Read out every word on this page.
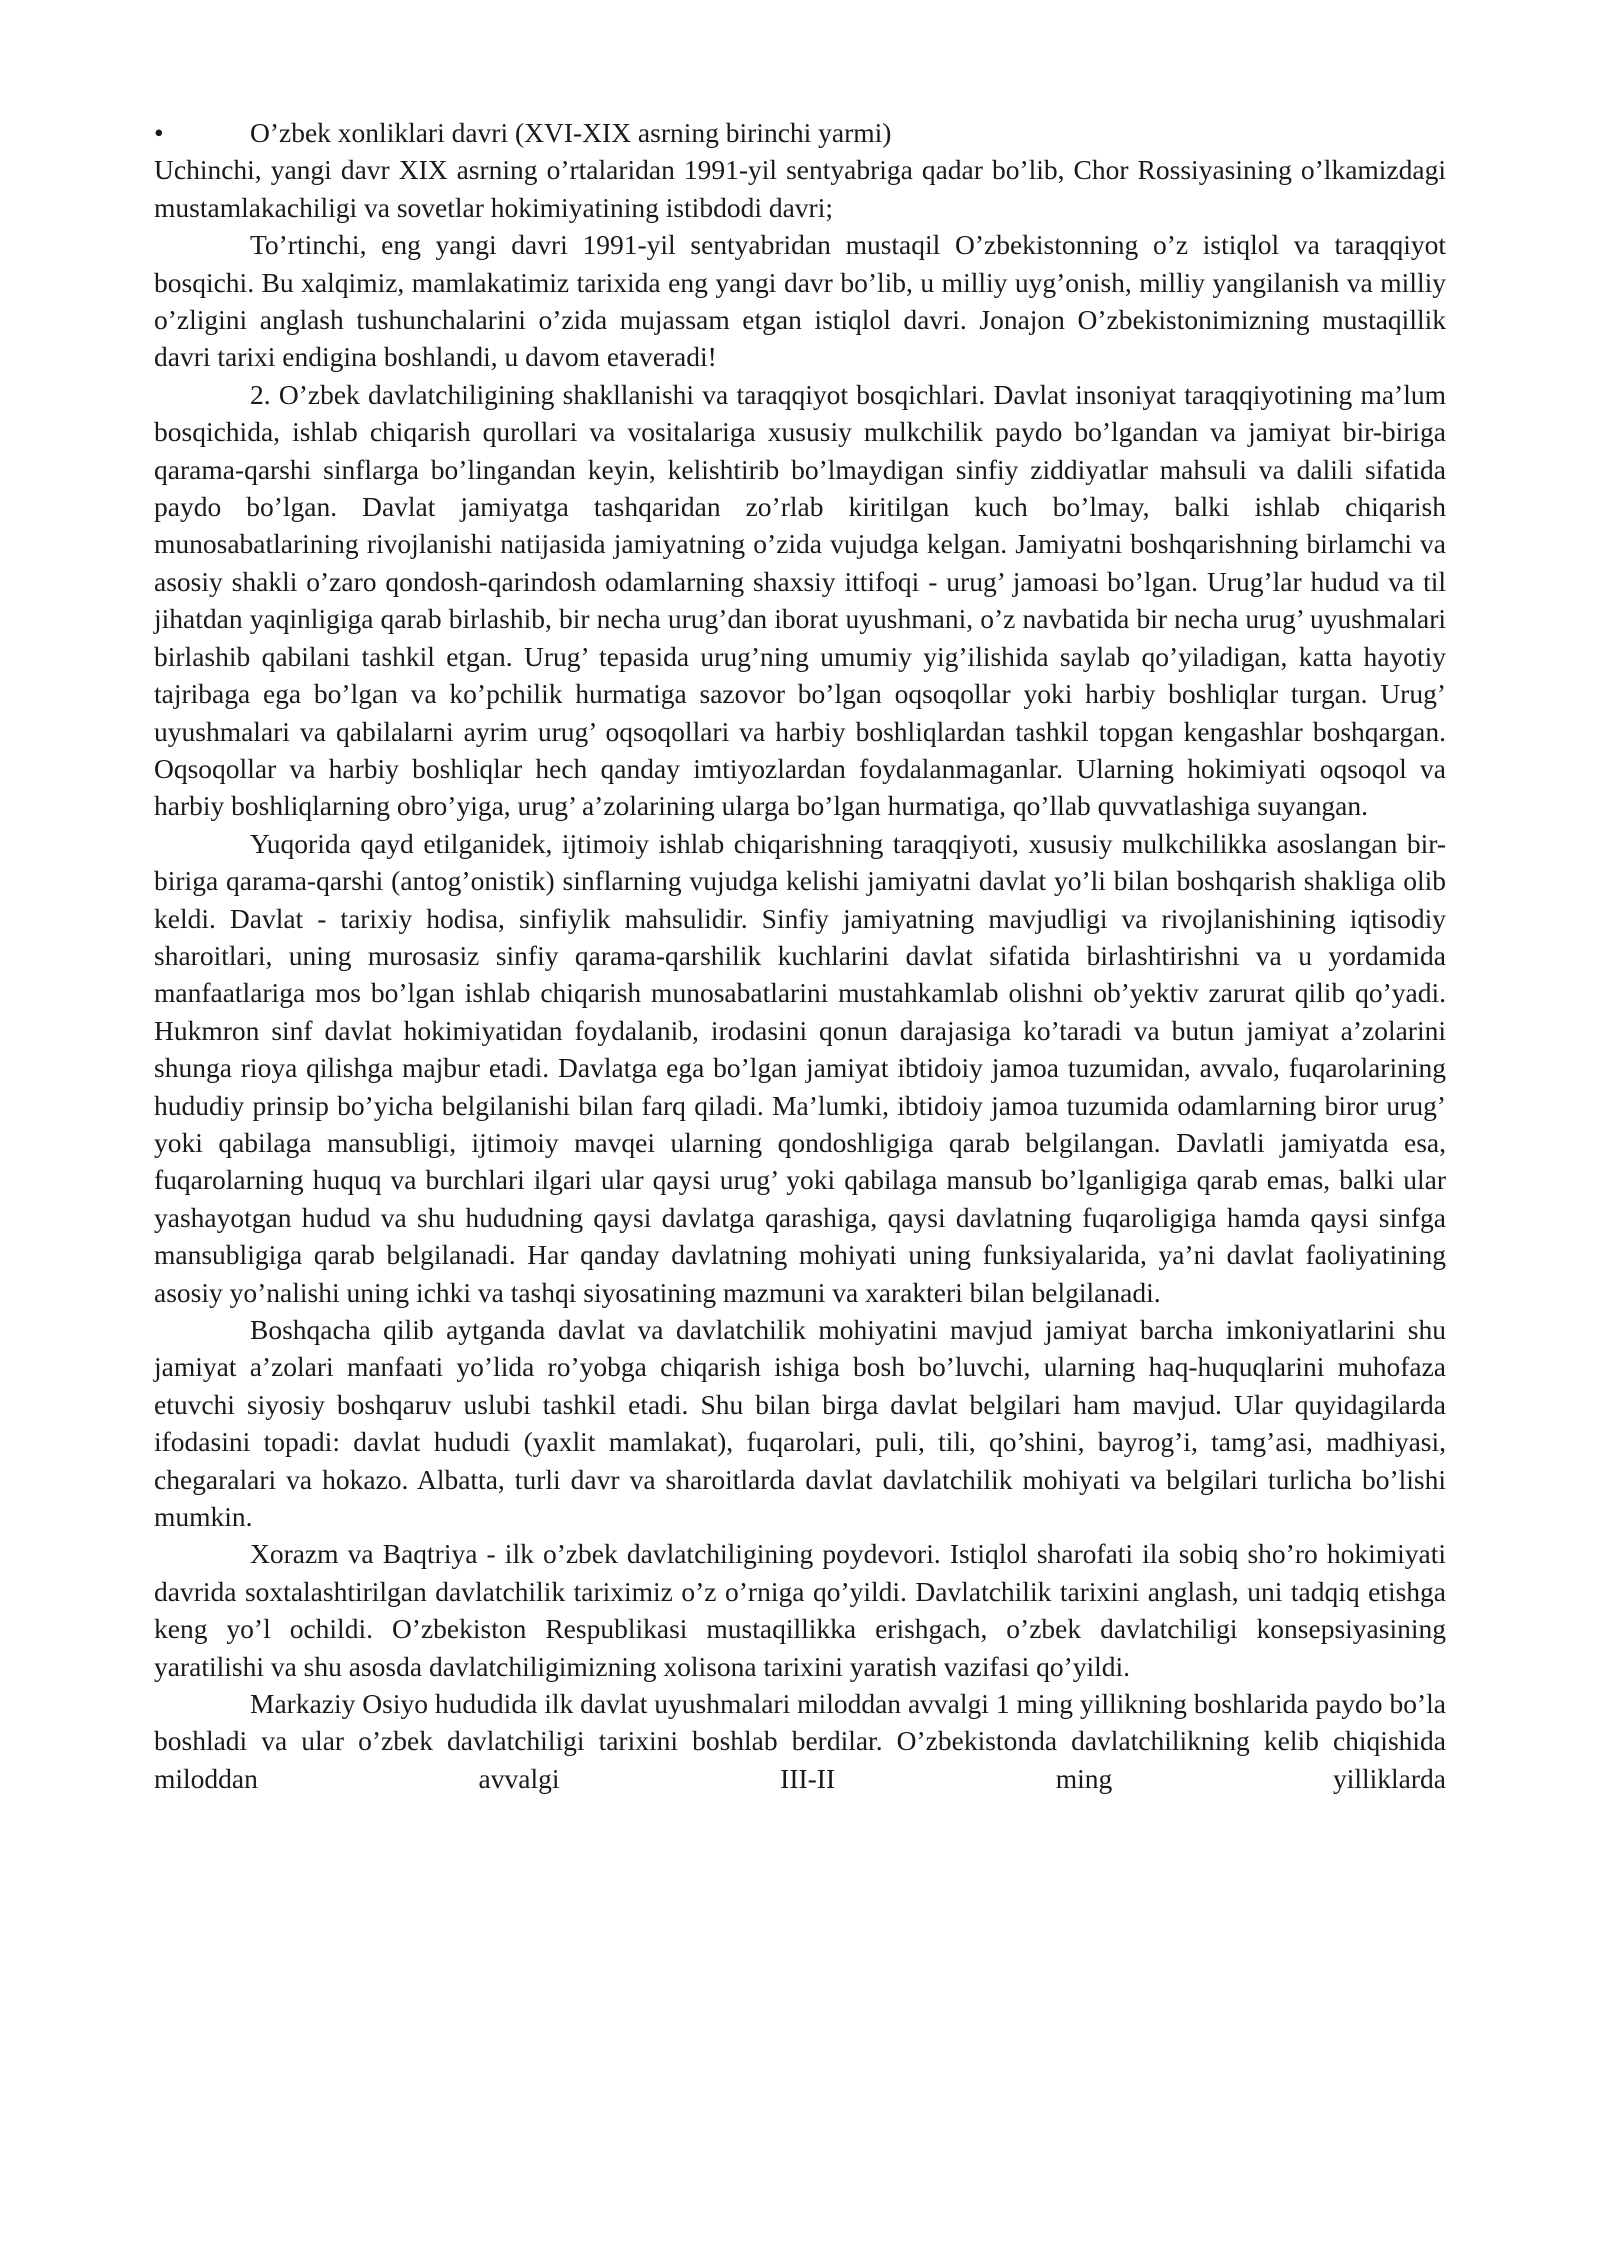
•	O’zbek xonliklari davri (XVI-XIX asrning birinchi yarmi)

Uchinchi, yangi davr XIX asrning o’rtalaridan 1991-yil sentyabriga qadar bo’lib, Chor Rossiyasining o’lkamizdagi mustamlakachiligi va sovetlar hokimiyatining istibdodi davri;

To’rtinchi, eng yangi davri 1991-yil sentyabridan mustaqil O’zbekistonning o’z istiqlol va taraqqiyot bosqichi. Bu xalqimiz, mamlakatimiz tarixida eng yangi davr bo’lib, u milliy uyg’onish, milliy yangilanish va milliy o’zligini anglash tushunchalarini o’zida mujassam etgan istiqlol davri. Jonajon O’zbekistonimizning mustaqillik davri tarixi endigina boshlandi, u davom etaveradi!

2. O’zbek davlatchiligining shakllanishi va taraqqiyot bosqichlari. Davlat insoniyat taraqqiyotining ma’lum bosqichida, ishlab chiqarish qurollari va vositalariga xususiy mulkchilik paydo bo’lgandan va jamiyat bir-biriga qarama-qarshi sinflarga bo’lingandan keyin, kelishtirib bo’lmaydigan sinfiy ziddiyatlar mahsuli va dalili sifatida paydo bo’lgan. Davlat jamiyatga tashqaridan zo’rlab kiritilgan kuch bo’lmay, balki ishlab chiqarish munosabatlarining rivojlanishi natijasida jamiyatning o’zida vujudga kelgan. Jamiyatni boshqarishning birlamchi va asosiy shakli o’zaro qondosh-qarindosh odamlarning shaxsiy ittifoqi - urug’ jamoasi bo’lgan. Urug’lar hudud va til jihatdan yaqinligiga qarab birlashib, bir necha urug’dan iborat uyushmani, o’z navbatida bir necha urug’ uyushmalari birlashib qabilani tashkil etgan. Urug’ tepasida urug’ning umumiy yig’ilishida saylab qo’yiladigan, katta hayotiy tajribaga ega bo’lgan va ko’pchilik hurmatiga sazovor bo’lgan oqsoqollar yoki harbiy boshliqlar turgan. Urug’ uyushmalari va qabilalarni ayrim urug’ oqsoqollari va harbiy boshliqlardan tashkil topgan kengashlar boshqargan. Oqsoqollar va harbiy boshliqlar hech qanday imtiyozlardan foydalanmaganlar. Ularning hokimiyati oqsoqol va harbiy boshliqlarning obro’yiga, urug’ a’zolarining ularga bo’lgan hurmatiga, qo’llab quvvatlashiga suyangan.

Yuqorida qayd etilganidek, ijtimoiy ishlab chiqarishning taraqqiyoti, xususiy mulkchilikka asoslangan bir-biriga qarama-qarshi (antog’onistik) sinflarning vujudga kelishi jamiyatni davlat yo’li bilan boshqarish shakliga olib keldi. Davlat - tarixiy hodisa, sinfiylik mahsulidir. Sinfiy jamiyatning mavjudligi va rivojlanishining iqtisodiy sharoitlari, uning murosasiz sinfiy qarama-qarshilik kuchlarini davlat sifatida birlashtirishni va u yordamida manfaatlariga mos bo’lgan ishlab chiqarish munosabatlarini mustahkamlab olishni ob’yektiv zarurat qilib qo’yadi. Hukmron sinf davlat hokimiyatidan foydalanib, irodasini qonun darajasiga ko’taradi va butun jamiyat a’zolarini shunga rioya qilishga majbur etadi. Davlatga ega bo’lgan jamiyat ibtidoiy jamoa tuzumidan, avvalo, fuqarolarining hududiy prinsip bo’yicha belgilanishi bilan farq qiladi. Ma’lumki, ibtidoiy jamoa tuzumida odamlarning biror urug’ yoki qabilaga mansubligi, ijtimoiy mavqei ularning qondoshligiga qarab belgilangan. Davlatli jamiyatda esa, fuqarolarning huquq va burchlari ilgari ular qaysi urug’ yoki qabilaga mansub bo’lganligiga qarab emas, balki ular yashayotgan hudud va shu hududning qaysi davlatga qarashiga, qaysi davlatning fuqaroligiga hamda qaysi sinfga mansubligiga qarab belgilanadi. Har qanday davlatning mohiyati uning funksiyalarida, ya’ni davlat faoliyatining asosiy yo’nalishi uning ichki va tashqi siyosatining mazmuni va xarakteri bilan belgilanadi.

Boshqacha qilib aytganda davlat va davlatchilik mohiyatini mavjud jamiyat barcha imkoniyatlarini shu jamiyat a’zolari manfaati yo’lida ro’yobga chiqarish ishiga bosh bo’luvchi, ularning haq-huquqlarini muhofaza etuvchi siyosiy boshqaruv uslubi tashkil etadi. Shu bilan birga davlat belgilari ham mavjud. Ular quyidagilarda ifodasini topadi: davlat hududi (yaxlit mamlakat), fuqarolari, puli, tili, qo’shini, bayrog’i, tamg’asi, madhiyasi, chegaralari va hokazo. Albatta, turli davr va sharoitlarda davlat davlatchilik mohiyati va belgilari turlicha bo’lishi mumkin.

Xorazm va Baqtriya - ilk o’zbek davlatchiligining poydevori. Istiqlol sharofati ila sobiq sho’ro hokimiyati davrida soxtalashtirilgan davlatchilik tariximiz o’z o’rniga qo’yildi. Davlatchilik tarixini anglash, uni tadqiq etishga keng yo’l ochildi. O’zbekiston Respublikasi mustaqillikka erishgach, o’zbek davlatchiligi konsepsiyasining yaratilishi va shu asosda davlatchiligimizning xolisona tarixini yaratish vazifasi qo’yildi.

Markaziy Osiyo hududida ilk davlat uyushmalari miloddan avvalgi 1 ming yillikning boshlarida paydo bo’la boshladi va ular o’zbek davlatchiligi tarixini boshlab berdilar. O’zbekistonda davlatchilikning kelib chiqishida miloddan avvalgi III-II ming yilliklarda
